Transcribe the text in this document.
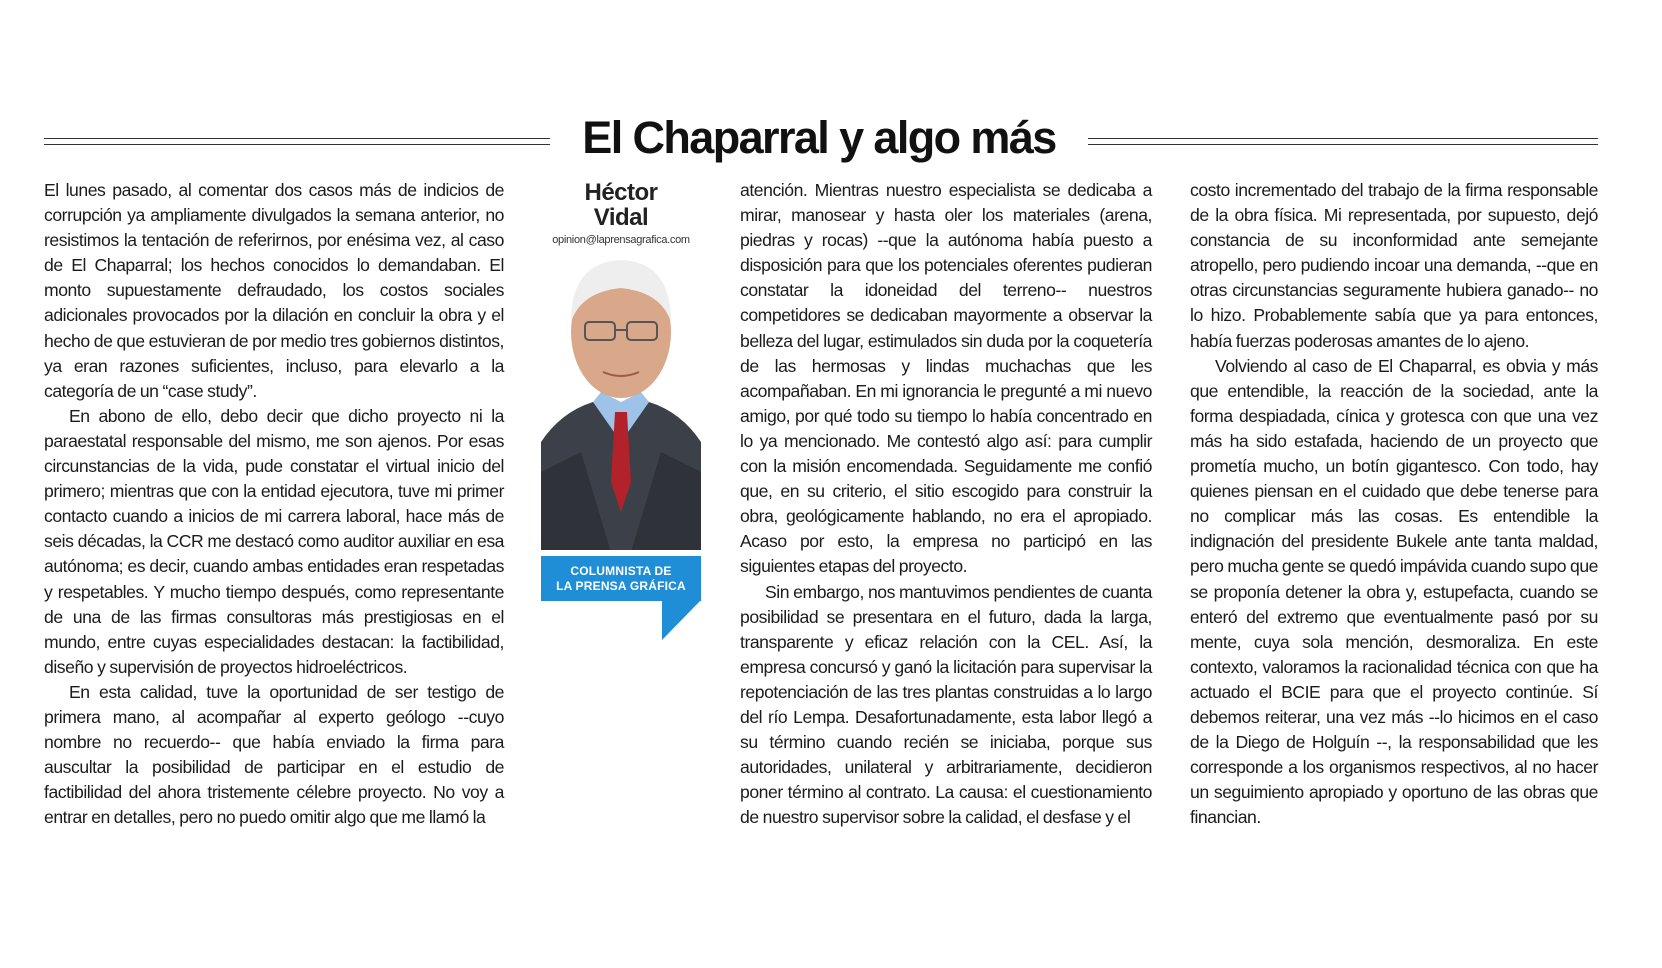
El Chaparral y algo más

El lunes pasado, al comentar dos casos más de indicios de corrupción ya ampliamente divulgados la semana anterior, no resistimos la tentación de referirnos, por enésima vez, al caso de El Chaparral; los hechos conocidos lo demandaban. El monto supuestamente defraudado, los costos sociales adicionales provocados por la dilación en concluir la obra y el hecho de que estuvieran de por medio tres gobiernos distintos, ya eran razones suficientes, incluso, para elevarlo a la categoría de un “case study”.

En abono de ello, debo decir que dicho proyecto ni la paraestatal responsable del mismo, me son ajenos. Por esas circunstancias de la vida, pude constatar el virtual inicio del primero; mientras que con la entidad ejecutora, tuve mi primer contacto cuando a inicios de mi carrera laboral, hace más de seis décadas, la CCR me destacó como auditor auxiliar en esa autónoma; es decir, cuando ambas entidades eran respetadas y respetables. Y mucho tiempo después, como representante de una de las firmas consultoras más prestigiosas en el mundo, entre cuyas especialidades destacan: la factibilidad, diseño y supervisión de proyectos hidroeléctricos.

En esta calidad, tuve la oportunidad de ser testigo de primera mano, al acompañar al experto geólogo --cuyo nombre no recuerdo-- que había enviado la firma para auscultar la posibilidad de participar en el estudio de factibilidad del ahora tristemente célebre proyecto. No voy a entrar en detalles, pero no puedo omitir algo que me llamó la

Héctor
Vidal
opinion@laprensagrafica.com
COLUMNISTA DE
LA PRENSA GRÁFICA

atención. Mientras nuestro especialista se dedicaba a mirar, manosear y hasta oler los materiales (arena, piedras y rocas) --que la autónoma había puesto a disposición para que los potenciales oferentes pudieran constatar la idoneidad del terreno-- nuestros competidores se dedicaban mayormente a observar la belleza del lugar, estimulados sin duda por la coquetería de las hermosas y lindas muchachas que les acompañaban. En mi ignorancia le pregunté a mi nuevo amigo, por qué todo su tiempo lo había concentrado en lo ya mencionado. Me contestó algo así: para cumplir con la misión encomendada. Seguidamente me confió que, en su criterio, el sitio escogido para construir la obra, geológicamente hablando, no era el apropiado. Acaso por esto, la empresa no participó en las siguientes etapas del proyecto.

Sin embargo, nos mantuvimos pendientes de cuanta posibilidad se presentara en el futuro, dada la larga, transparente y eficaz relación con la CEL. Así, la empresa concursó y ganó la licitación para supervisar la repotenciación de las tres plantas construidas a lo largo del río Lempa. Desafortunadamente, esta labor llegó a su término cuando recién se iniciaba, porque sus autoridades, unilateral y arbitrariamente, decidieron poner término al contrato. La causa: el cuestionamiento de nuestro supervisor sobre la calidad, el desfase y el

costo incrementado del trabajo de la firma responsable de la obra física. Mi representada, por supuesto, dejó constancia de su inconformidad ante semejante atropello, pero pudiendo incoar una demanda, --que en otras circunstancias seguramente hubiera ganado-- no lo hizo. Probablemente sabía que ya para entonces, había fuerzas poderosas amantes de lo ajeno.

Volviendo al caso de El Chaparral, es obvia y más que entendible, la reacción de la sociedad, ante la forma despiadada, cínica y grotesca con que una vez más ha sido estafada, haciendo de un proyecto que prometía mucho, un botín gigantesco. Con todo, hay quienes piensan en el cuidado que debe tenerse para no complicar más las cosas. Es entendible la indignación del presidente Bukele ante tanta maldad, pero mucha gente se quedó impávida cuando supo que se proponía detener la obra y, estupefacta, cuando se enteró del extremo que eventualmente pasó por su mente, cuya sola mención, desmoraliza. En este contexto, valoramos la racionalidad técnica con que ha actuado el BCIE para que el proyecto continúe. Sí debemos reiterar, una vez más --lo hicimos en el caso de la Diego de Holguín --, la responsabilidad que les corresponde a los organismos respectivos, al no hacer un seguimiento apropiado y oportuno de las obras que financian.
